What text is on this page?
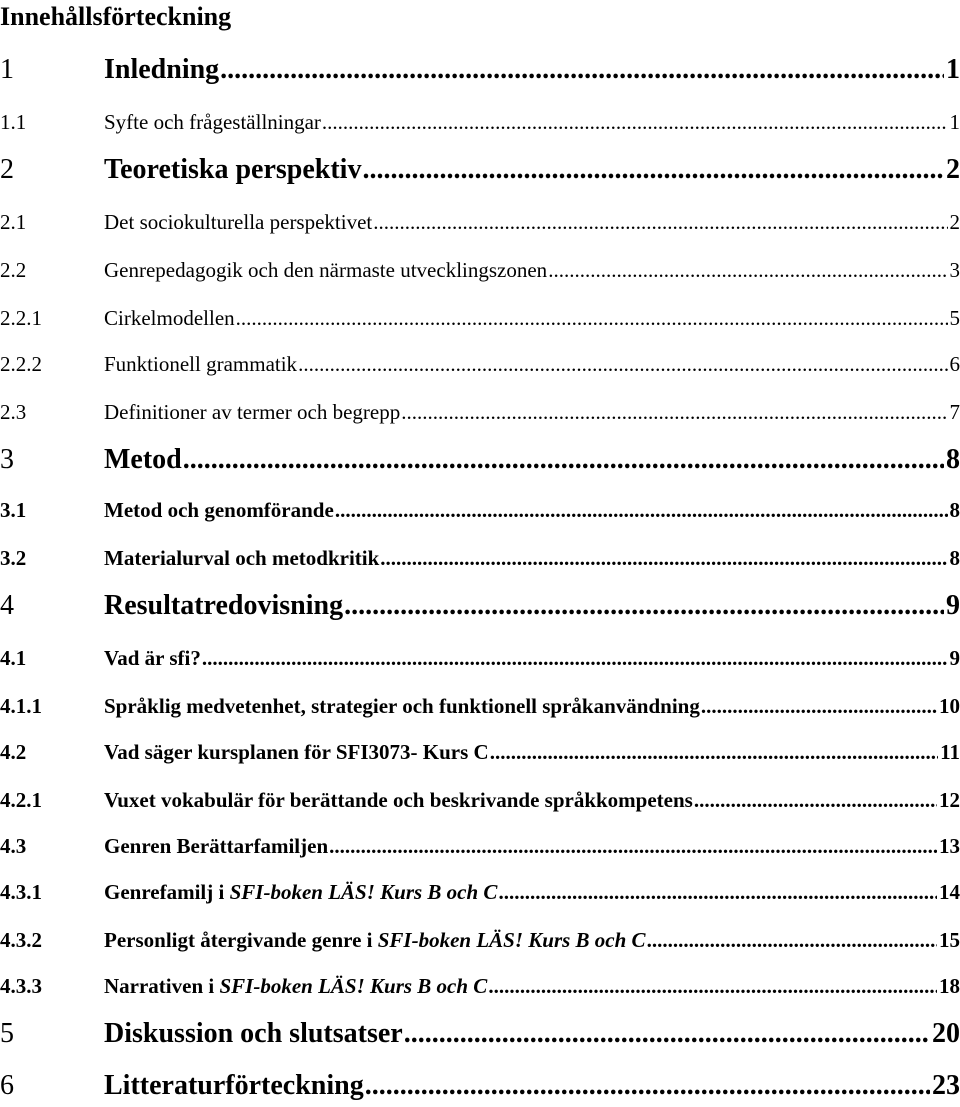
Innehållsförteckning
1	Inledning .....	1
1.1	Syfte och frågeställningar .....	1
2	Teoretiska perspektiv .....	2
2.1	Det sociokulturella perspektivet .....	2
2.2	Genrepedagogik och den närmaste utvecklingszonen .....	3
2.2.1	Cirkelmodellen .....	5
2.2.2	Funktionell grammatik .....	6
2.3	Definitioner av termer och begrepp .....	7
3	Metod .....	8
3.1	Metod och genomförande .....	8
3.2	Materialurval och metodkritik .....	8
4	Resultatredovisning .....	9
4.1	Vad är sfi? .....	9
4.1.1	Språklig medvetenhet, strategier och funktionell språkanvändning .....	10
4.2	Vad säger kursplanen för SFI3073- Kurs C .....	11
4.2.1	Vuxet vokabulär för berättande och beskrivande språkkompetens .....	12
4.3	Genren Berättarfamiljen .....	13
4.3.1	Genrefamilj i SFI-boken LÄS! Kurs B och C .....	14
4.3.2	Personligt återgivande genre i SFI-boken LÄS! Kurs B och C .....	15
4.3.3	Narrativen i SFI-boken LÄS! Kurs B och C .....	18
5	Diskussion och slutsatser .....	20
6	Litteraturförteckning .....	23
